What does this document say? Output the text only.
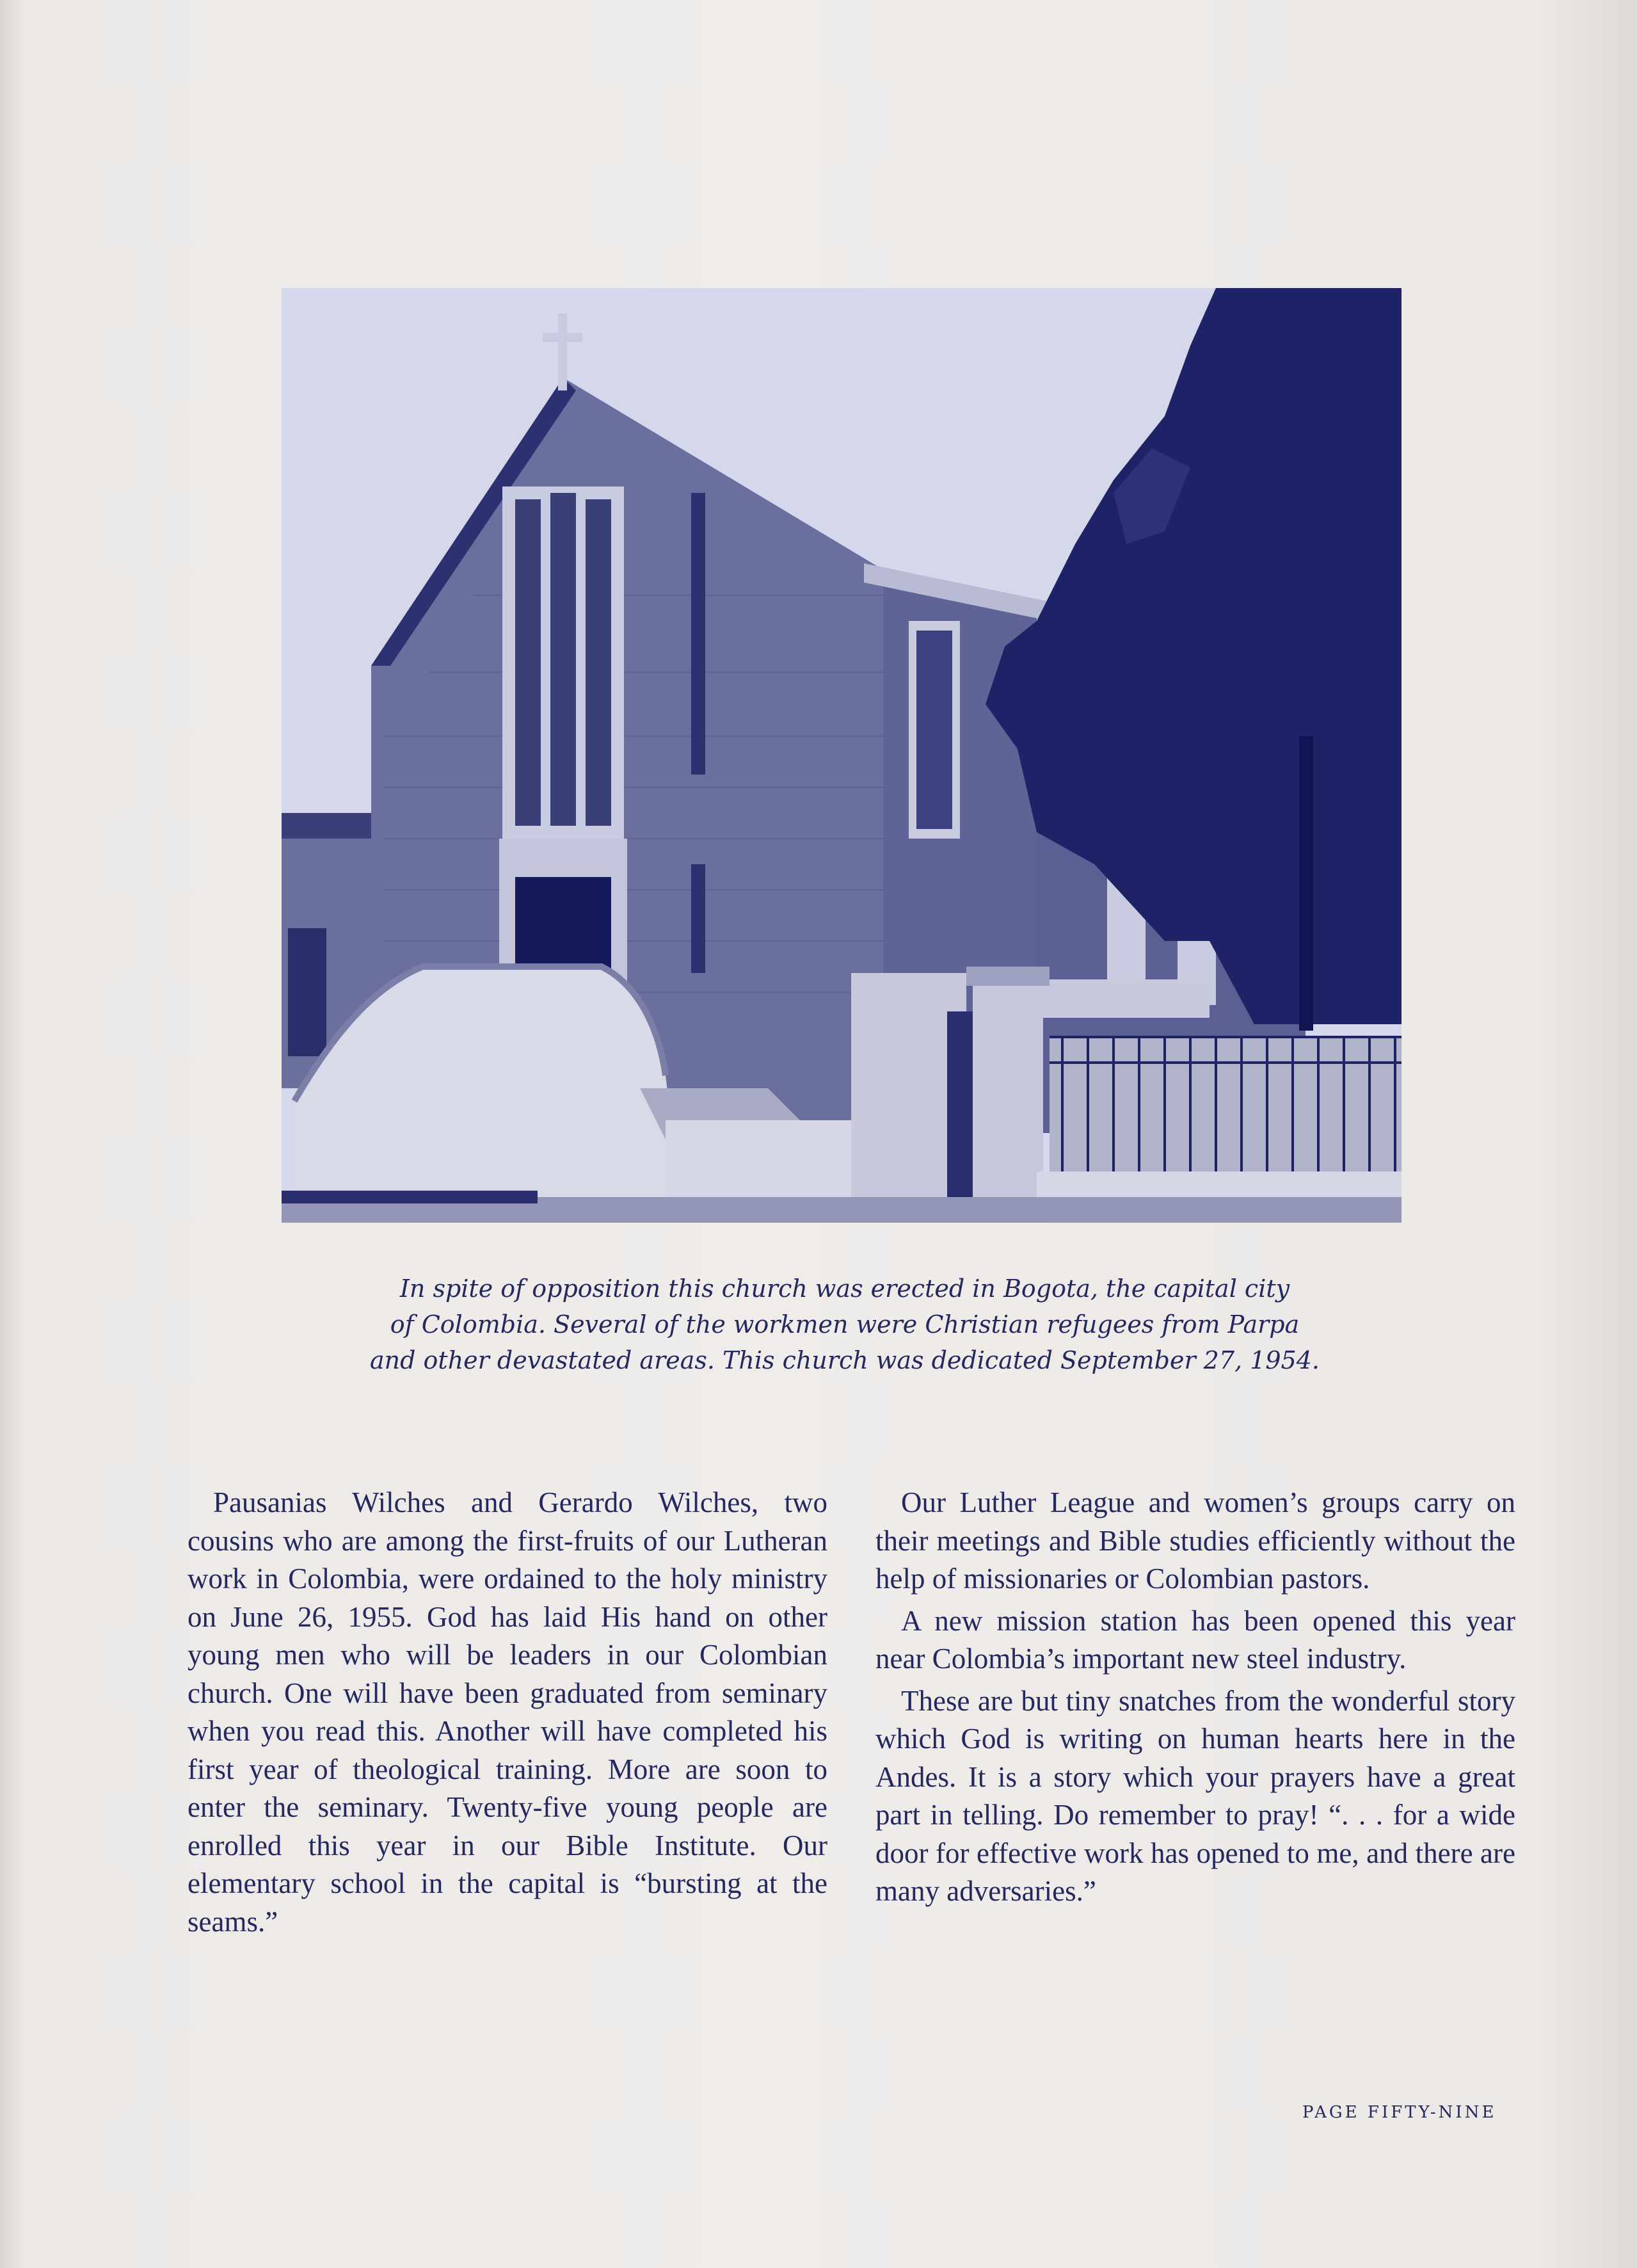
In spite of opposition this church was erected in Bogota, the capital city
of Colombia. Several of the workmen were Christian refugees from Parpa
and other devastated areas. This church was dedicated September 27, 1954.

Pausanias Wilches and Gerardo Wilches, two cousins who are among the first-fruits of our Lutheran work in Colombia, were ordained to the holy ministry on June 26, 1955. God has laid His hand on other young men who will be leaders in our Colombian church. One will have been graduated from seminary when you read this. Another will have completed his first year of theological training. More are soon to enter the seminary. Twenty-five young people are enrolled this year in our Bible Institute. Our elementary school in the capital is “bursting at the seams.”

Our Luther League and women’s groups carry on their meetings and Bible studies efficiently without the help of missionaries or Colombian pastors.

A new mission station has been opened this year near Colombia’s important new steel industry.

These are but tiny snatches from the wonderful story which God is writing on human hearts here in the Andes. It is a story which your prayers have a great part in telling. Do remember to pray! “. . . for a wide door for effective work has opened to me, and there are many adversaries.”

PAGE FIFTY-NINE
